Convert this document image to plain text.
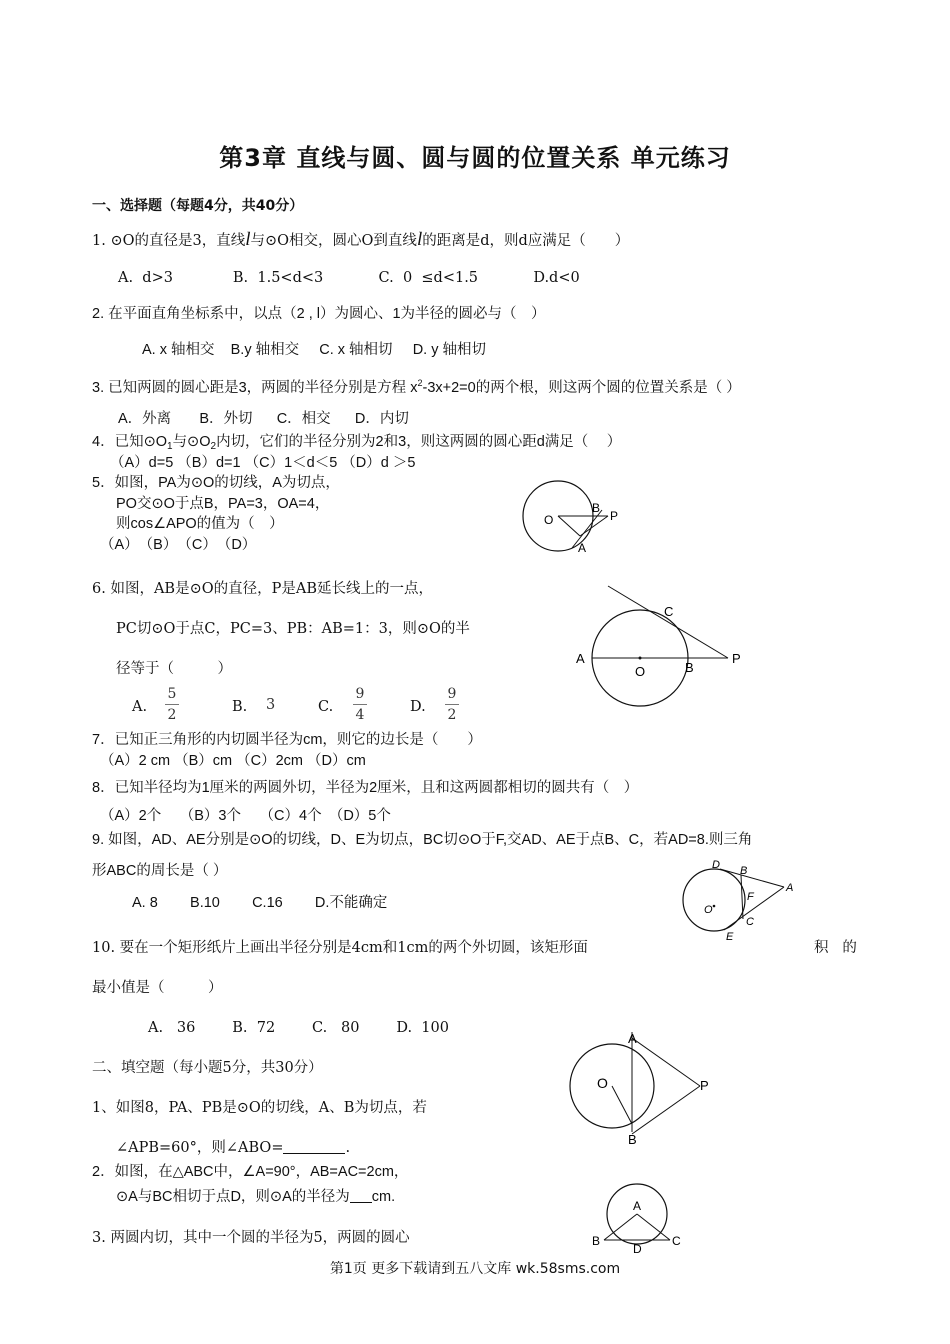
第3章 直线与圆、圆与圆的位置关系 单元练习
一、选择题（每题4分，共40分）
1. ⊙O的直径是3，直线l与⊙O相交，圆心O到直线l的距离是d，则d应满足（　　）
A.  d>3             B.  1.5<d<3            C.  0  ≤d<1.5            D.d<0
2. 在平面直角坐标系中，以点（2 , l）为圆心、1为半径的圆必与（　）
A. x 轴相交    B.y 轴相交     C. x 轴相切     D. y 轴相切
3. 已知两圆的圆心距是3，两圆的半径分别是方程 $x^2-3x+2=0$的两个根，则这两个圆的位置关系是（ ）
A．外离       B．外切      C．相交      D．内切
4．已知$⊙O_1$与$⊙O_2$内切，它们的半径分别为2和3，则这两圆的圆心距d满足（　 ）
（A）d=5 （B）d=1 （C）1＜d＜5 （D）d ＞5
5．如图，PA为⊙O的切线，A为切点，
PO交⊙O于点B，PA=3，OA=4，
则cos∠APO的值为（　）
（A）　（B）　（C）　（D）
O
B
P
A
6. 如图，AB是⊙O的直径，P是AB延长线上的一点，
PC切⊙O于点C，PC=3、PB：AB=1：3，则⊙O的半
径等于（　　　）
A.
5
2	B. 3	C.
9
4	D.
9
2
A
O	B
C
P
7．已知正三角形的内切圆半径为cm，则它的边长是（　　）
（A）2 cm （B）cm （C）2cm （D）cm
8．已知半径均为1厘米的两圆外切，半径为2厘米，且和这两圆都相切的圆共有（　）
（A）2个　 （B）3个　 （C）4个　（D）5个
9. 如图，AD、AE分别是⊙O的切线，D、E为切点，BC切⊙O于F,交AD、AE于点B、C，若AD=8.则三角
形ABC的周长是（ ）
A. 8        B.10        C.16        D.不能确定
D B
F
A
O
C
E
10. 要在一个矩形纸片上画出半径分别是4cm和1cm的两个外切圆，该矩形面	积   的
最小值是（　　　）
A.   36        B.  72        C.   80        D.  100
二、填空题（每小题5分，共30分）
A
O	P
B
1、如图8，PA、PB是⊙O的切线，A、B为切点，若
∠APB=60°，则∠ABO=	.
2．如图，在△ABC中，∠A=90°，AB=AC=2cm，
⊙A与BC相切于点D，则⊙A的半径为 cm.
A
B
D
C
3. 两圆内切，其中一个圆的半径为5，两圆的圆心
第1页 更多下载请到五八文库 wk.58sms.com
